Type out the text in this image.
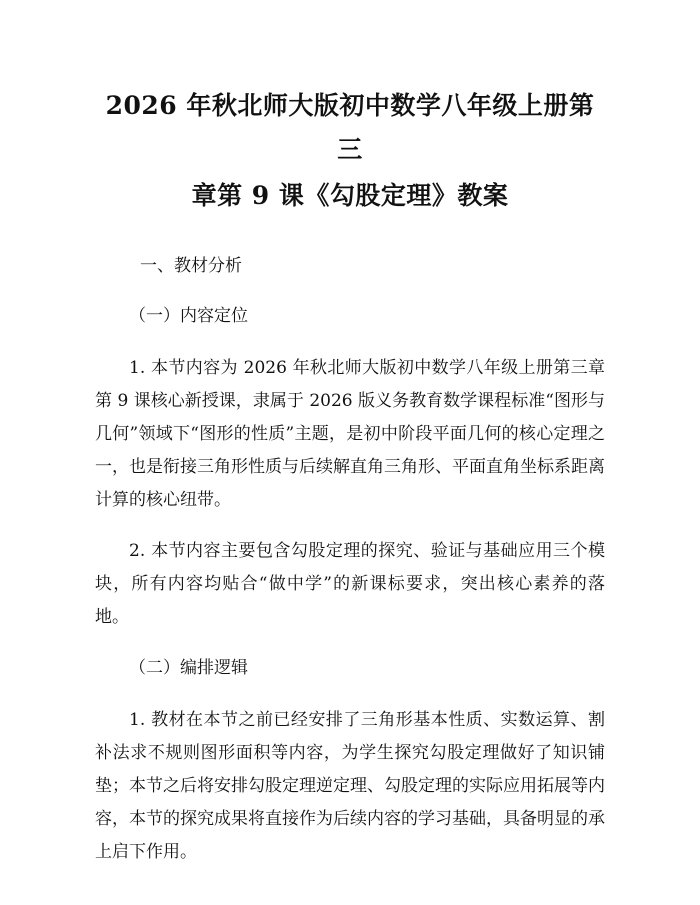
2026 年秋北师大版初中数学八年级上册第三
章第 9 课《勾股定理》教案
一、教材分析
（一）内容定位

1. 本节内容为 2026 年秋北师大版初中数学八年级上册第三章第 9 课核心新授课，隶属于 2026 版义务教育数学课程标准“图形与几何”领域下“图形的性质”主题，是初中阶段平面几何的核心定理之一，也是衔接三角形性质与后续解直角三角形、平面直角坐标系距离计算的核心纽带。

2. 本节内容主要包含勾股定理的探究、验证与基础应用三个模块，所有内容均贴合“做中学”的新课标要求，突出核心素养的落地。

（二）编排逻辑

1. 教材在本节之前已经安排了三角形基本性质、实数运算、割补法求不规则图形面积等内容，为学生探究勾股定理做好了知识铺垫；本节之后将安排勾股定理逆定理、勾股定理的实际应用拓展等内容，本节的探究成果将直接作为后续内容的学习基础，具备明显的承上启下作用。
